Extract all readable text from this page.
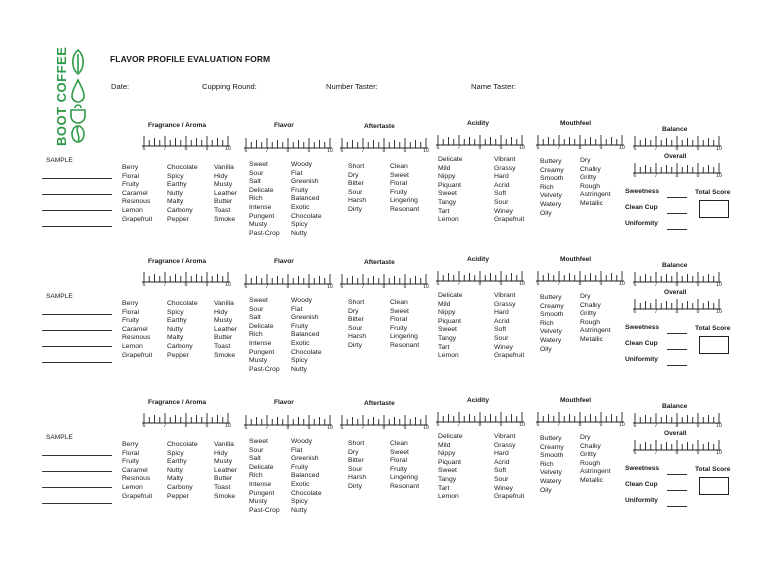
BOOT COFFEE	FLAVOR PROFILE EVALUATION FORM
Date:	Cupping Round:	Number Taster:	Name Taster:
SAMPLE
Fragrance / Aroma
6	7	8	9	10
Berry
Floral
Fruity
Caramel
Resinous
Lemon
Grapefruit
Chocolate
Spicy
Earthy
Nutty
Malty
Carbony
Pepper
Vanilla
Hidy
Musty
Leather
Butter
Toast
Smoke
Flavor
6	7	8	9	10
Sweet
Sour
Salt
Delicate
Rich
Intense
Pungent
Musty
Past-Crop
Woody
Flat
Greenish
Fruity
Balanced
Exotic
Chocolate
Spicy
Nutty
Aftertaste
6	7	8	9	10
Short
Dry
Bitter
Sour
Harsh
Dirty
Clean
Sweet
Floral
Fruity
Lingering
Resonant
Acidity
6	7	8	9	10
Delicate
Mild
Nippy
Piquant
Sweet
Tangy
Tart
Lemon
Vibrant
Grassy
Hard
Acrid
Soft
Sour
Winey
Grapefruit
Mouthfeel
6	7	8	9	10
Buttery
Creamy
Smooth
Rich
Velvety
Watery
Oily
Dry
Chalky
Gritty
Rough
Astringent
Metallic
Balance
6	7	8	9	10
Overall
6	7	8	9	10
Sweetness
Clean Cup
Uniformity
Total Score
SAMPLE
Fragrance / Aroma
6	7	8	9	10
Berry
Floral
Fruity
Caramel
Resinous
Lemon
Grapefruit
Chocolate
Spicy
Earthy
Nutty
Malty
Carbony
Pepper
Vanilla
Hidy
Musty
Leather
Butter
Toast
Smoke
Flavor
6	7	8	9	10
Sweet
Sour
Salt
Delicate
Rich
Intense
Pungent
Musty
Past-Crop
Woody
Flat
Greenish
Fruity
Balanced
Exotic
Chocolate
Spicy
Nutty
Aftertaste
6	7	8	9	10
Short
Dry
Bitter
Sour
Harsh
Dirty
Clean
Sweet
Floral
Fruity
Lingering
Resonant
Acidity
6	7	8	9	10
Delicate
Mild
Nippy
Piquant
Sweet
Tangy
Tart
Lemon
Vibrant
Grassy
Hard
Acrid
Soft
Sour
Winey
Grapefruit
Mouthfeel
6	7	8	9	10
Buttery
Creamy
Smooth
Rich
Velvety
Watery
Oily
Dry
Chalky
Gritty
Rough
Astringent
Metallic
Balance
6	7	8	9	10
Overall
6	7	8	9	10
Sweetness
Clean Cup
Uniformity
Total Score
SAMPLE
Fragrance / Aroma
6	7	8	9	10
Berry
Floral
Fruity
Caramel
Resinous
Lemon
Grapefruit
Chocolate
Spicy
Earthy
Nutty
Malty
Carbony
Pepper
Vanilla
Hidy
Musty
Leather
Butter
Toast
Smoke
Flavor
6	7	8	9	10
Sweet
Sour
Salt
Delicate
Rich
Intense
Pungent
Musty
Past-Crop
Woody
Flat
Greenish
Fruity
Balanced
Exotic
Chocolate
Spicy
Nutty
Aftertaste
6	7	8	9	10
Short
Dry
Bitter
Sour
Harsh
Dirty
Clean
Sweet
Floral
Fruity
Lingering
Resonant
Acidity
6	7	8	9	10
Delicate
Mild
Nippy
Piquant
Sweet
Tangy
Tart
Lemon
Vibrant
Grassy
Hard
Acrid
Soft
Sour
Winey
Grapefruit
Mouthfeel
6	7	8	9	10
Buttery
Creamy
Smooth
Rich
Velvety
Watery
Oily
Dry
Chalky
Gritty
Rough
Astringent
Metallic
Balance
6	7	8	9	10
Overall
6	7	8	9	10
Sweetness
Clean Cup
Uniformity
Total Score
